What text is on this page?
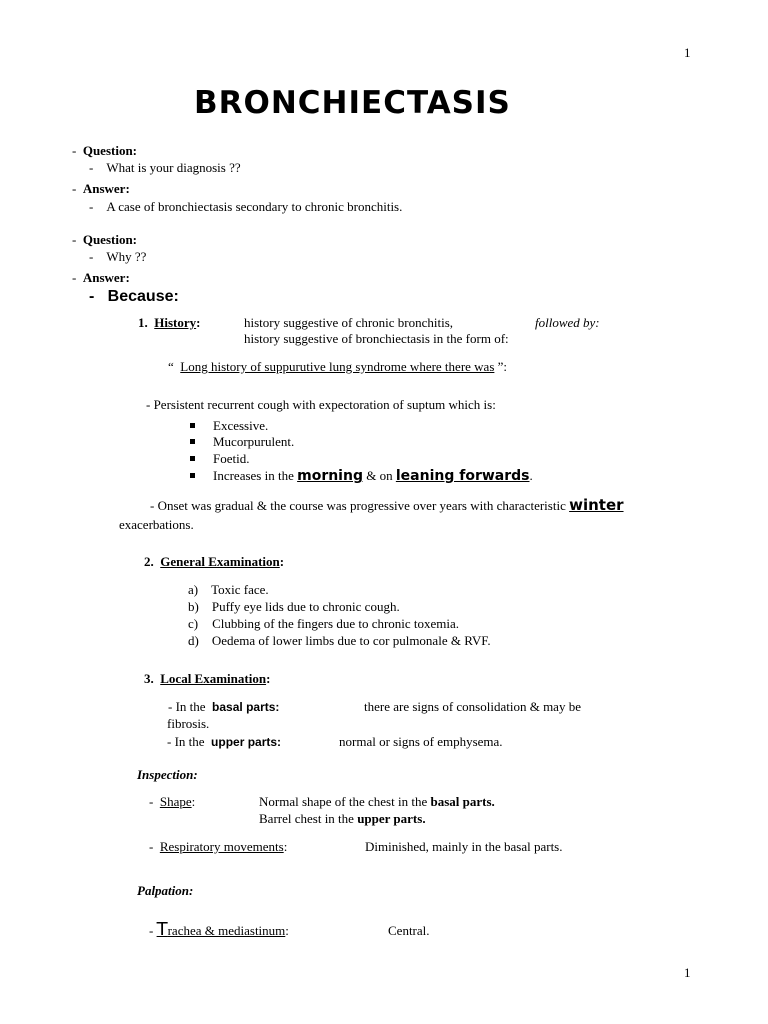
1
1
BRONCHIECTASIS
- Question:
- What is your diagnosis ??
- Answer:
- A case of bronchiectasis secondary to chronic bronchitis.
- Question:
- Why ??
- Answer:
- Because:
1. History:	history suggestive of chronic bronchitis,	followed by:
history suggestive of bronchiectasis in the form of:
“ Long history of suppurutive lung syndrome where there was ”:
- Persistent recurrent cough with expectoration of suptum which is:
Excessive.
Mucorpurulent.
Foetid.
Increases in the morning & on leaning forwards.
- Onset was gradual & the course was progressive over years with characteristic winter
exacerbations.
2. General Examination:
a) Toxic face.
b) Puffy eye lids due to chronic cough.
c) Clubbing of the fingers due to chronic toxemia.
d) Oedema of lower limbs due to cor pulmonale & RVF.
3. Local Examination:
- In the basal parts:	there are signs of consolidation & may be
fibrosis.
- In the upper parts:	normal or signs of emphysema.
Inspection:
- Shape:	Normal shape of the chest in the basal parts.
Barrel chest in the upper parts.
- Respiratory movements:	Diminished, mainly in the basal parts.
Palpation:
- Trachea & mediastinum:	Central.
